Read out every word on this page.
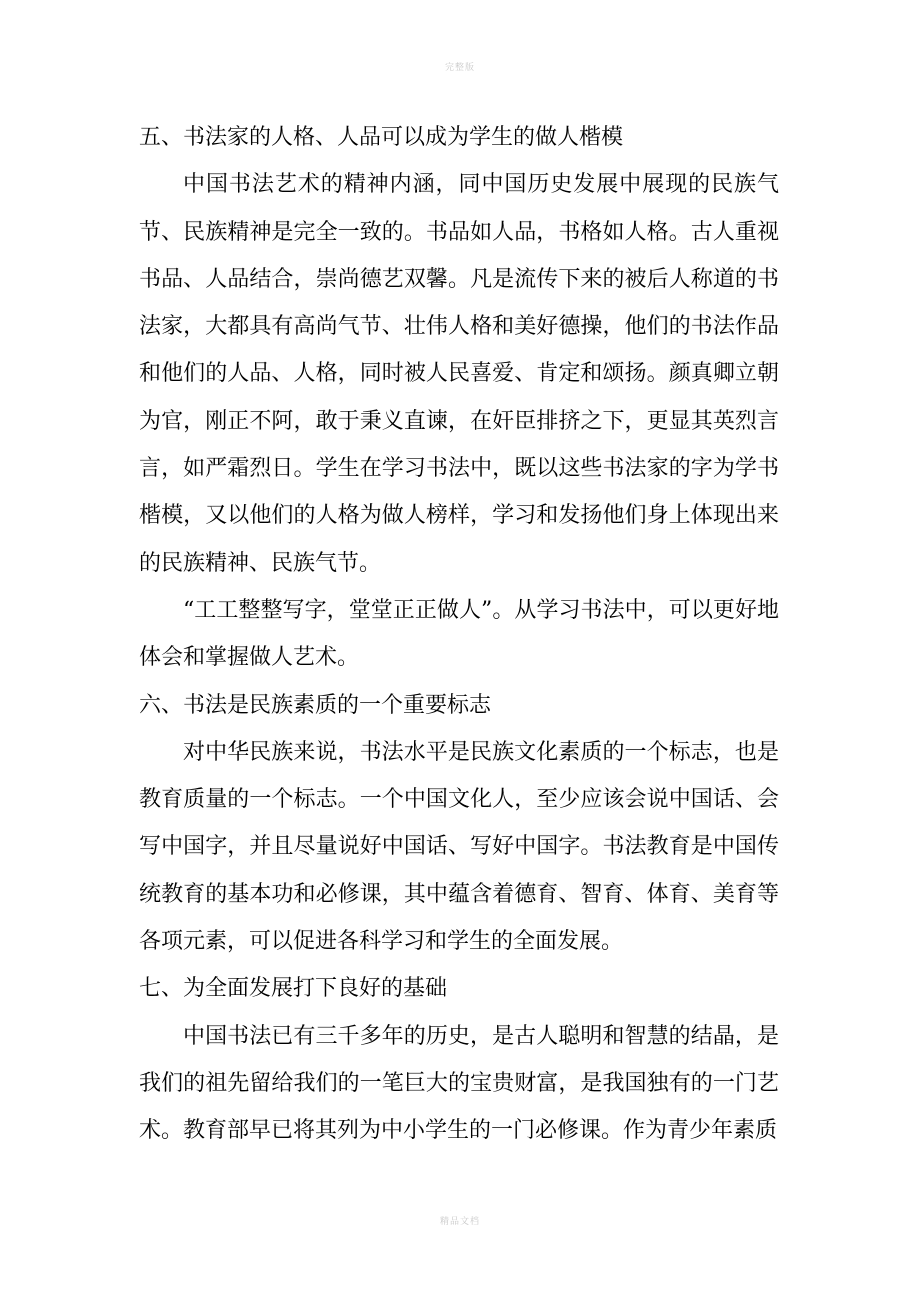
完整版
五、书法家的人格、人品可以成为学生的做人楷模

中国书法艺术的精神内涵，同中国历史发展中展现的民族气节、民族精神是完全一致的。书品如人品，书格如人格。古人重视书品、人品结合，崇尚德艺双馨。凡是流传下来的被后人称道的书法家，大都具有高尚气节、壮伟人格和美好德操，他们的书法作品和他们的人品、人格，同时被人民喜爱、肯定和颂扬。颜真卿立朝为官，刚正不阿，敢于秉义直谏，在奸臣排挤之下，更显其英烈言言，如严霜烈日。学生在学习书法中，既以这些书法家的字为学书楷模，又以他们的人格为做人榜样，学习和发扬他们身上体现出来的民族精神、民族气节。

“工工整整写字，堂堂正正做人”。从学习书法中，可以更好地体会和掌握做人艺术。

六、书法是民族素质的一个重要标志

对中华民族来说，书法水平是民族文化素质的一个标志，也是教育质量的一个标志。一个中国文化人，至少应该会说中国话、会写中国字，并且尽量说好中国话、写好中国字。书法教育是中国传统教育的基本功和必修课，其中蕴含着德育、智育、体育、美育等各项元素，可以促进各科学习和学生的全面发展。

七、为全面发展打下良好的基础

中国书法已有三千多年的历史，是古人聪明和智慧的结晶，是我们的祖先留给我们的一笔巨大的宝贵财富，是我国独有的一门艺术。教育部早已将其列为中小学生的一门必修课。作为青少年素质

精品文档
